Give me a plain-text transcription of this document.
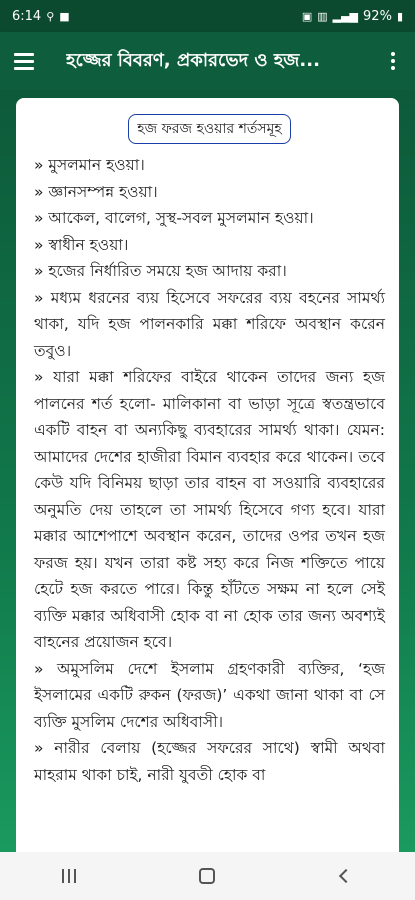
6:14 ⚲ ■	▣ ▥ ▂▄▆ 92% ▮
হজ্জের বিবরণ, প্রকারভেদ ও হজ...
হজ ফরজ হওয়ার শর্তসমূহ
» মুসলমান হওয়া।
» জ্ঞানসম্পন্ন হওয়া।
» আকেল, বালেগ, সুস্থ-সবল মুসলমান হওয়া।
» স্বাধীন হওয়া।
» হজের নির্ধারিত সময়ে হজ আদায় করা।
» মধ্যম ধরনের ব্যয় হিসেবে সফরের ব্যয় বহনের সামর্থ্য থাকা, যদি হজ পালনকারি মক্কা শরিফে অবস্থান করেন তবুও।
» যারা মক্কা শরিফের বাইরে থাকেন তাদের জন্য হজ পালনের শর্ত হলো- মালিকানা বা ভাড়া সূত্রে স্বতন্ত্রভাবে একটি বাহন বা অন্যকিছু ব্যবহারের সামর্থ্য থাকা। যেমন: আমাদের দেশের হাজীরা বিমান ব্যবহার করে থাকেন। তবে কেউ যদি বিনিময় ছাড়া তার বাহন বা সওয়ারি ব্যবহারের অনুমতি দেয় তাহলে তা সামর্থ্য হিসেবে গণ্য হবে। যারা মক্কার আশেপাশে অবস্থান করেন, তাদের ওপর তখন হজ ফরজ হয়। যখন তারা কষ্ট সহ্য করে নিজ শক্তিতে পায়ে হেটে হজ করতে পারে। কিন্তু হাঁটতে সক্ষম না হলে সেই ব্যক্তি মক্কার অধিবাসী হোক বা না হোক তার জন্য অবশ্যই বাহনের প্রয়োজন হবে।
» অমুসলিম দেশে ইসলাম গ্রহণকারী ব্যক্তির, ‘হজ ইসলামের একটি রুকন (ফরজ)’ একথা জানা থাকা বা সে ব্যক্তি মুসলিম দেশের অধিবাসী।
» নারীর বেলায় (হজ্জের সফরের সাথে) স্বামী অথবা মাহরাম থাকা চাই, নারী যুবতী হোক বা
